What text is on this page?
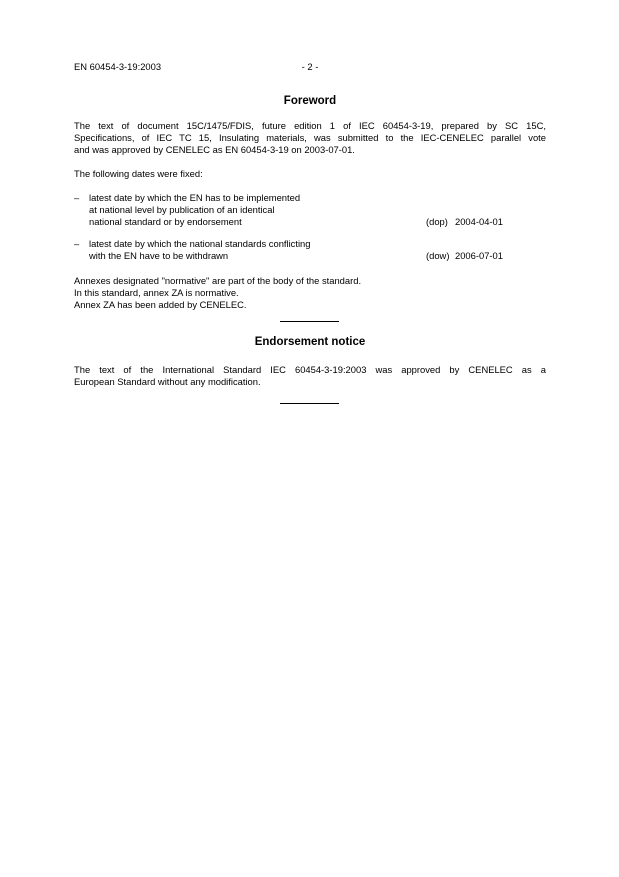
EN 60454-3-19:2003	- 2 -
Foreword
The text of document 15C/1475/FDIS, future edition 1 of IEC 60454-3-19, prepared by SC 15C,
Specifications, of IEC TC 15, Insulating materials, was submitted to the IEC-CENELEC parallel vote
and was approved by CENELEC as EN 60454-3-19 on 2003-07-01.
The following dates were fixed:
– latest date by which the EN has to be implemented
at national level by publication of an identical
national standard or by endorsement	(dop) 2004-04-01
– latest date by which the national standards conflicting
with the EN have to be withdrawn	(dow) 2006-07-01
Annexes designated "normative" are part of the body of the standard.
In this standard, annex ZA is normative.
Annex ZA has been added by CENELEC.
Endorsement notice
The text of the International Standard IEC 60454-3-19:2003 was approved by CENELEC as a
European Standard without any modification.
